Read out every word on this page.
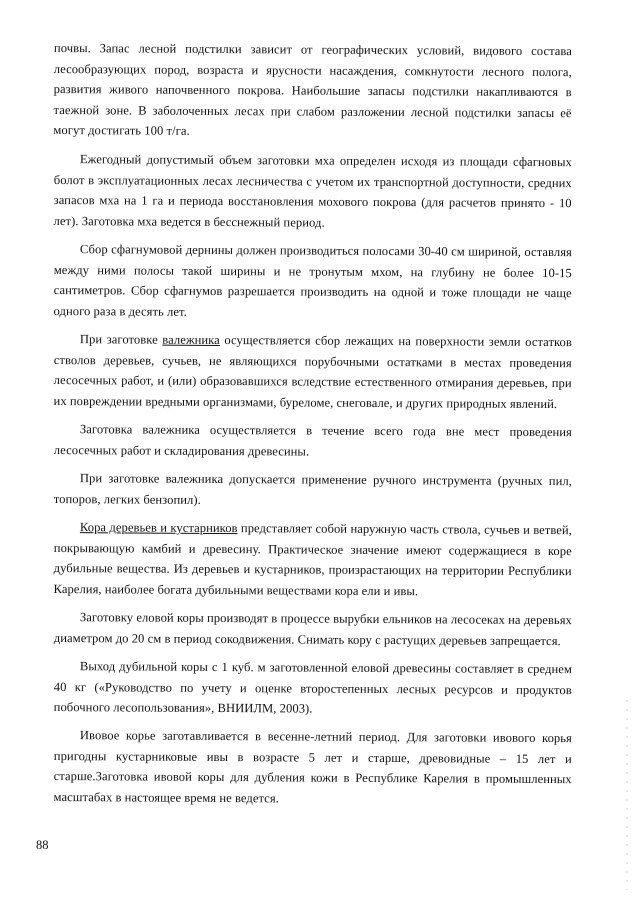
почвы. Запас лесной подстилки зависит от географических условий, видового состава лесообразующих пород, возраста и ярусности насаждения, сомкнутости лесного полога, развития живого напочвенного покрова. Наибольшие запасы подстилки накапливаются в таежной зоне. В заболоченных лесах при слабом разложении лесной подстилки запасы её могут достигать 100 т/га.

Ежегодный допустимый объем заготовки мха определен исходя из площади сфагновых болот в эксплуатационных лесах лесничества с учетом их транспортной доступности, средних запасов мха на 1 га и периода восстановления мохового покрова (для расчетов принято - 10 лет). Заготовка мха ведется в бесснежный период.

Сбор сфагнумовой дернины должен производиться полосами 30-40 см шириной, оставляя между ними полосы такой ширины и не тронутым мхом, на глубину не более 10-15 сантиметров. Сбор сфагнумов разрешается производить на одной и тоже площади не чаще одного раза в десять лет.

При заготовке валежника осуществляется сбор лежащих на поверхности земли остатков стволов деревьев, сучьев, не являющихся порубочными остатками в местах проведения лесосечных работ, и (или) образовавшихся вследствие естественного отмирания деревьев, при их повреждении вредными организмами, буреломе, снеговале, и других природных явлений.

Заготовка валежника осуществляется в течение всего года вне мест проведения лесосечных работ и складирования древесины.

При заготовке валежника допускается применение ручного инструмента (ручных пил, топоров, легких бензопил).

Кора деревьев и кустарников представляет собой наружную часть ствола, сучьев и ветвей, покрывающую камбий и древесину. Практическое значение имеют содержащиеся в коре дубильные вещества. Из деревьев и кустарников, произрастающих на территории Республики Карелия, наиболее богата дубильными веществами кора ели и ивы.

Заготовку еловой коры производят в процессе вырубки ельников на лесосеках на деревьях диаметром до 20 см в период сокодвижения. Снимать кору с растущих деревьев запрещается.

Выход дубильной коры с 1 куб. м заготовленной еловой древесины составляет в среднем 40 кг («Руководство по учету и оценке второстепенных лесных ресурсов и продуктов побочного лесопользования», ВНИИЛМ, 2003).

Ивовое корье заготавливается в весенне-летний период. Для заготовки ивового корья пригодны кустарниковые ивы в возрасте 5 лет и старше, древовидные – 15 лет и старше.Заготовка ивовой коры для дубления кожи в Республике Карелия в промышленных масштабах в настоящее время не ведется.

88
